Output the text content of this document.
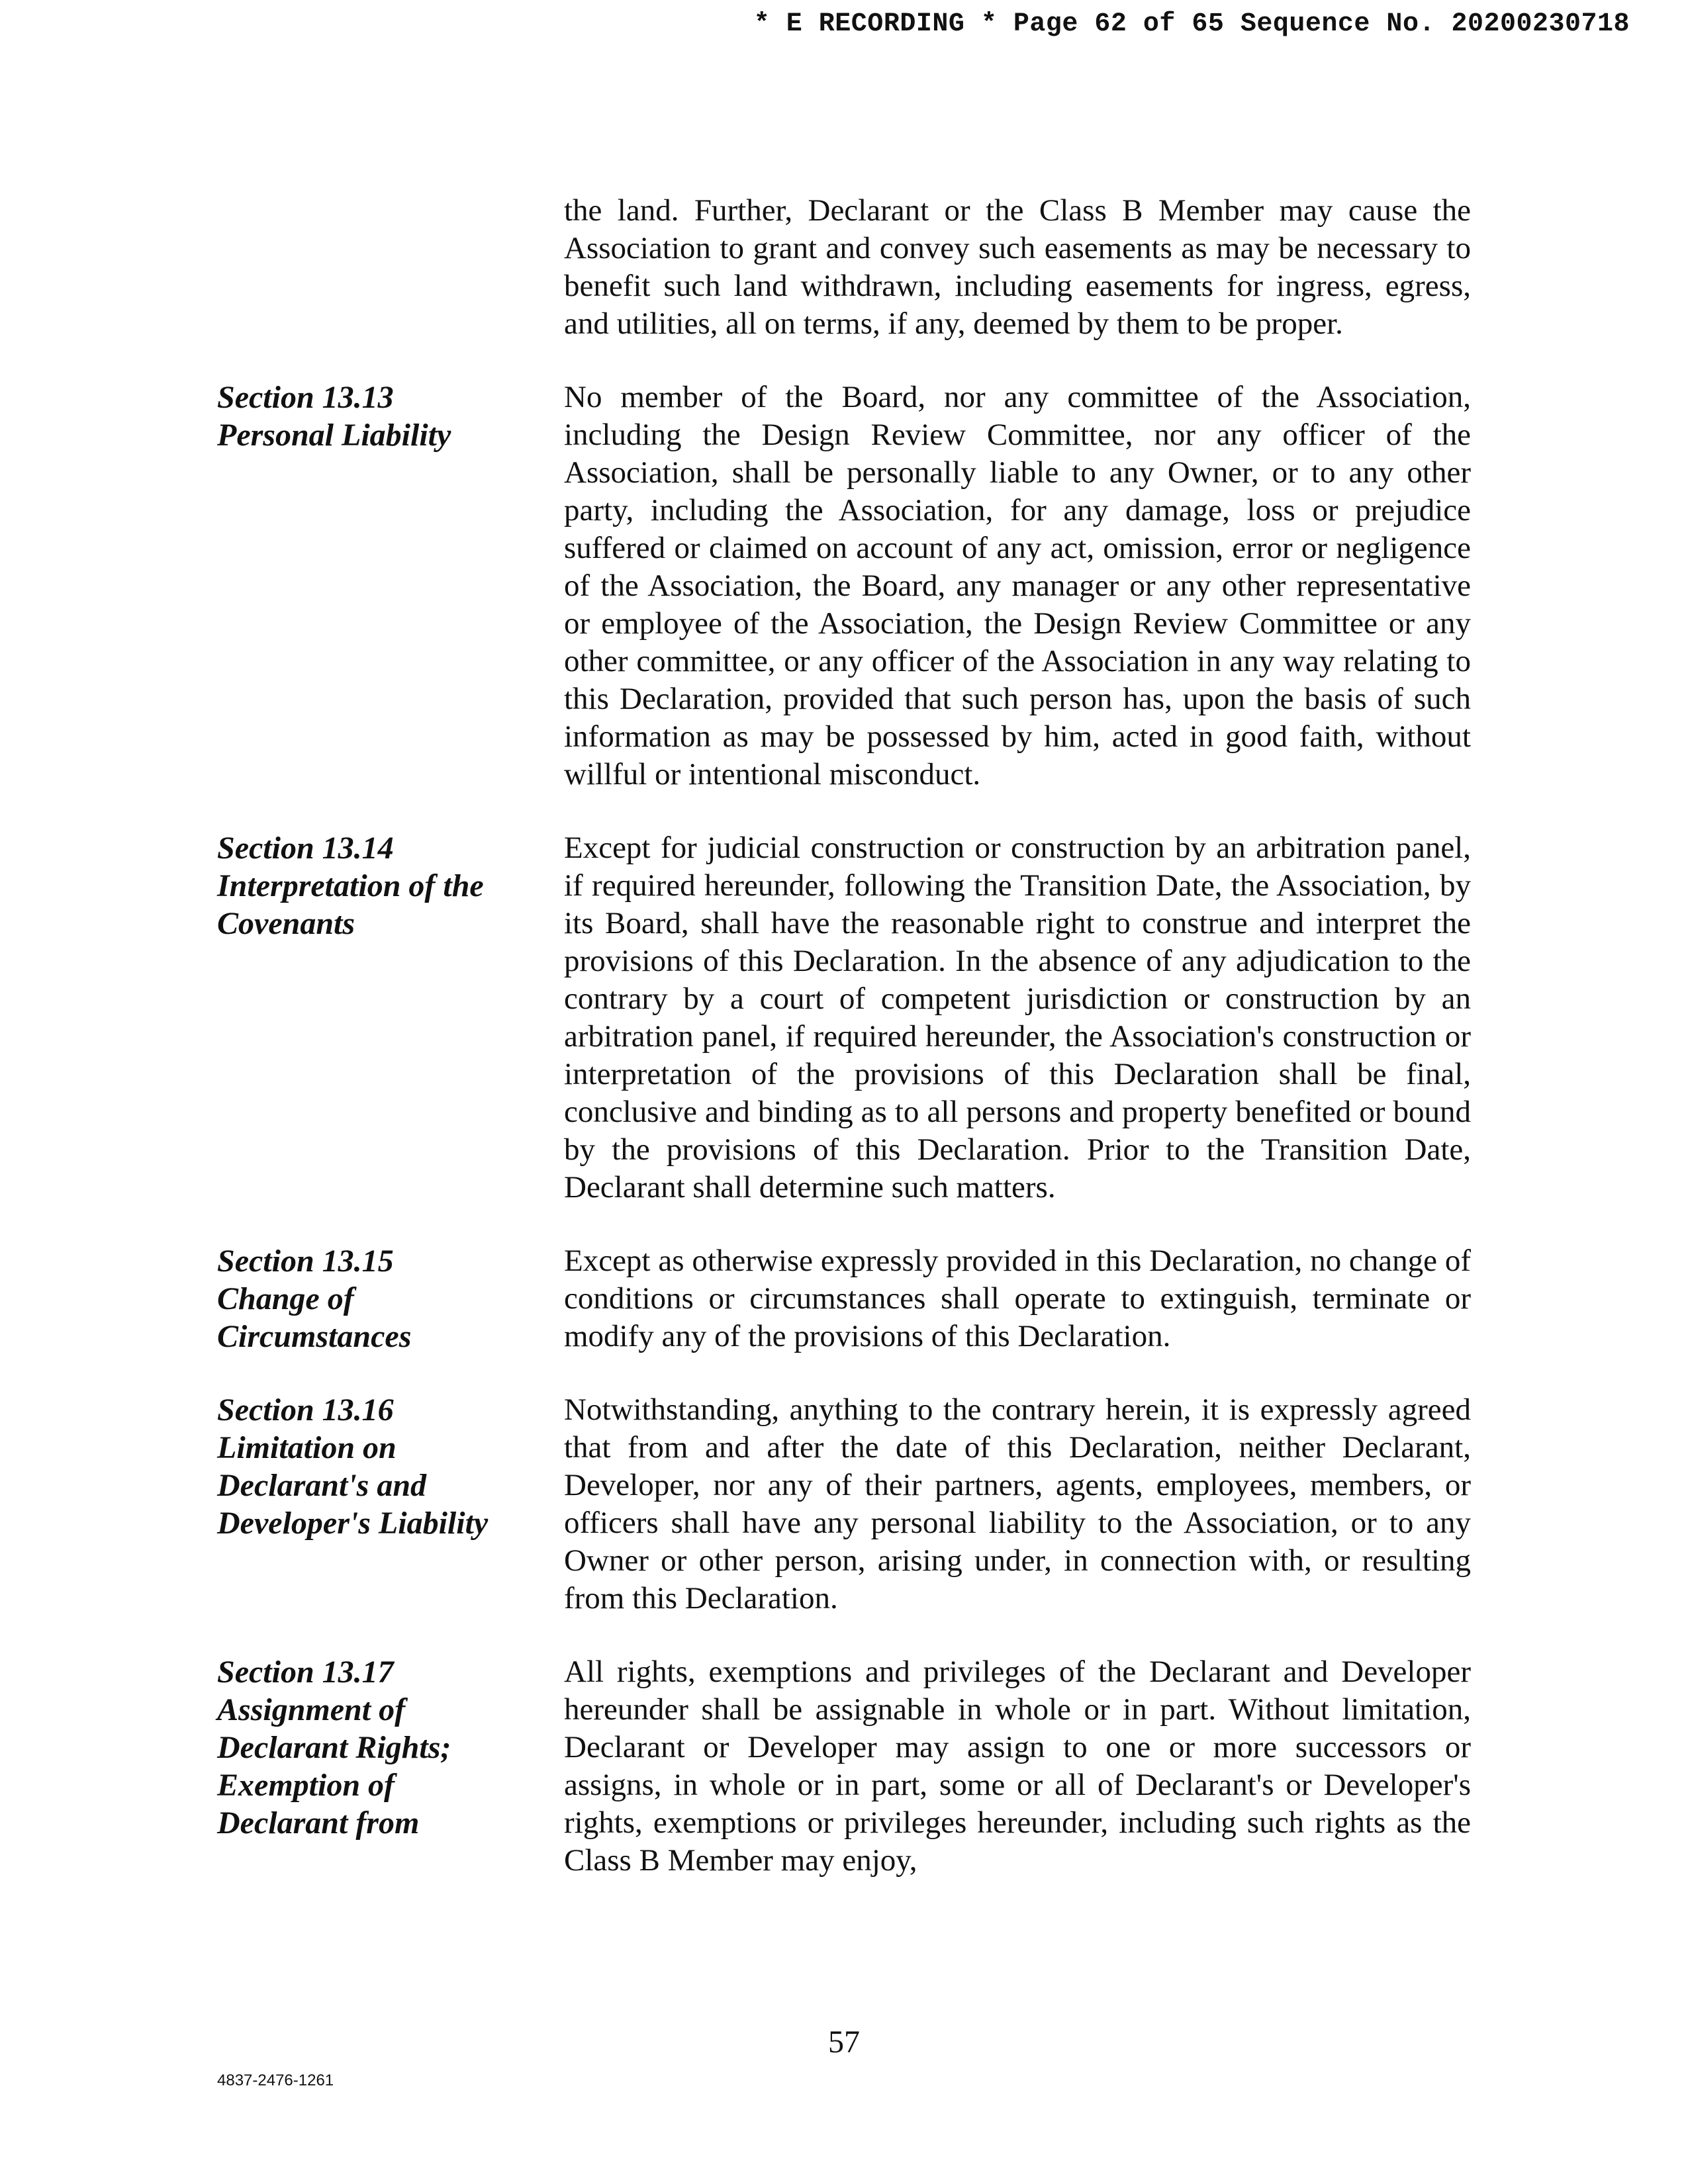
* E RECORDING * Page 62 of 65 Sequence No. 20200230718
the land. Further, Declarant or the Class B Member may cause the Association to grant and convey such easements as may be necessary to benefit such land withdrawn, including easements for ingress, egress, and utilities, all on terms, if any, deemed by them to be proper.
Section 13.13
Personal Liability
No member of the Board, nor any committee of the Association, including the Design Review Committee, nor any officer of the Association, shall be personally liable to any Owner, or to any other party, including the Association, for any damage, loss or prejudice suffered or claimed on account of any act, omission, error or negligence of the Association, the Board, any manager or any other representative or employee of the Association, the Design Review Committee or any other committee, or any officer of the Association in any way relating to this Declaration, provided that such person has, upon the basis of such information as may be possessed by him, acted in good faith, without willful or intentional misconduct.
Section 13.14
Interpretation of the
Covenants
Except for judicial construction or construction by an arbitration panel, if required hereunder, following the Transition Date, the Association, by its Board, shall have the reasonable right to construe and interpret the provisions of this Declaration. In the absence of any adjudication to the contrary by a court of competent jurisdiction or construction by an arbitration panel, if required hereunder, the Association's construction or interpretation of the provisions of this Declaration shall be final, conclusive and binding as to all persons and property benefited or bound by the provisions of this Declaration. Prior to the Transition Date, Declarant shall determine such matters.
Section 13.15
Change of
Circumstances
Except as otherwise expressly provided in this Declaration, no change of conditions or circumstances shall operate to extinguish, terminate or modify any of the provisions of this Declaration.
Section 13.16
Limitation on
Declarant's and
Developer's Liability
Notwithstanding, anything to the contrary herein, it is expressly agreed that from and after the date of this Declaration, neither Declarant, Developer, nor any of their partners, agents, employees, members, or officers shall have any personal liability to the Association, or to any Owner or other person, arising under, in connection with, or resulting from this Declaration.
Section 13.17
Assignment of
Declarant Rights;
Exemption of
Declarant from
All rights, exemptions and privileges of the Declarant and Developer hereunder shall be assignable in whole or in part. Without limitation, Declarant or Developer may assign to one or more successors or assigns, in whole or in part, some or all of Declarant's or Developer's rights, exemptions or privileges hereunder, including such rights as the Class B Member may enjoy,
57
4837-2476-1261
